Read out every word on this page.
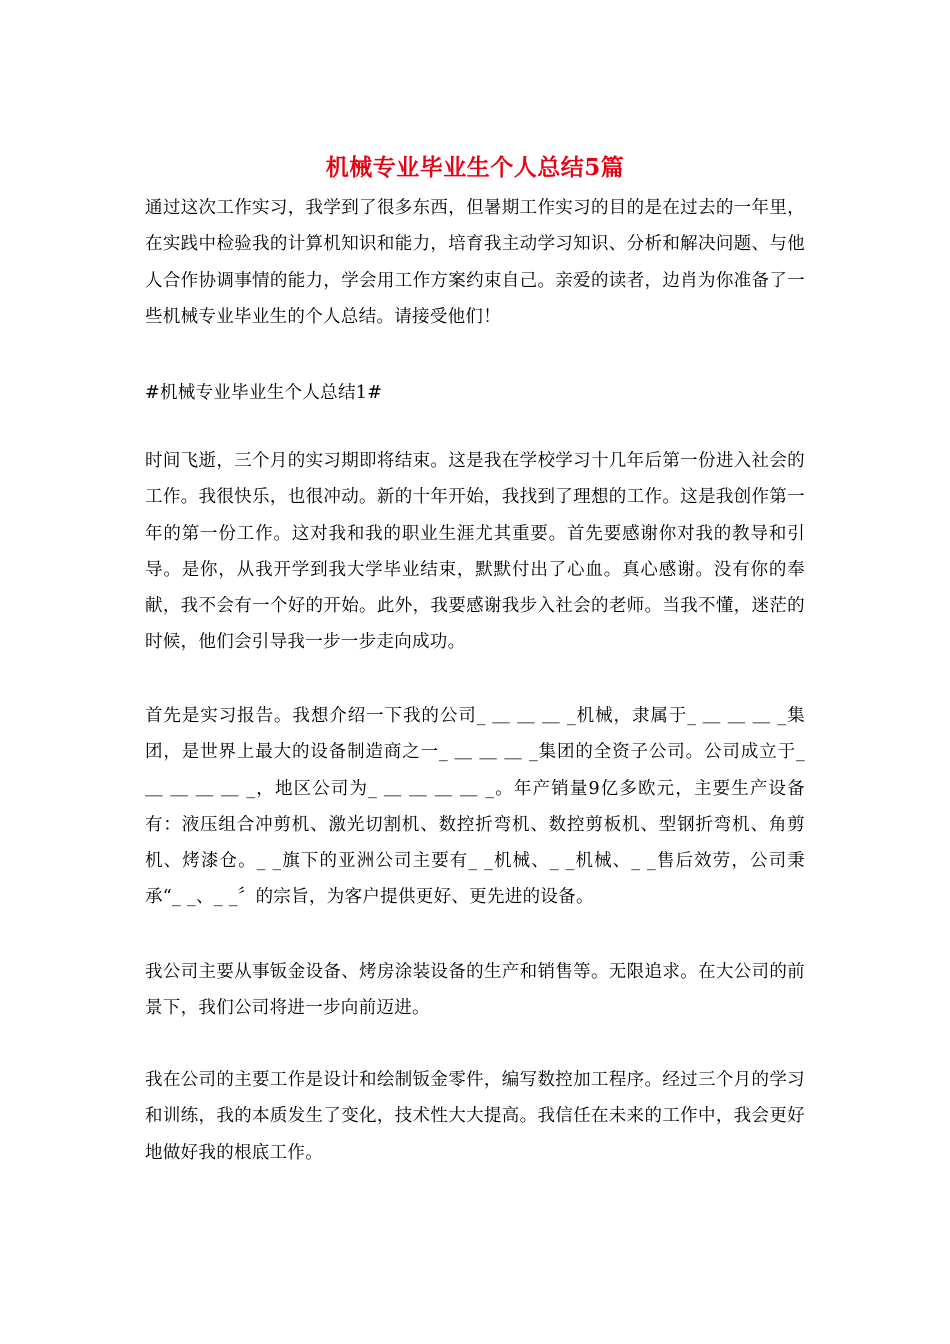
机械专业毕业生个人总结5篇

通过这次工作实习，我学到了很多东西，但暑期工作实习的目的是在过去的一年里，在实践中检验我的计算机知识和能力，培育我主动学习知识、分析和解决问题、与他人合作协调事情的能力，学会用工作方案约束自己。亲爱的读者，边肖为你准备了一些机械专业毕业生的个人总结。请接受他们！

#机械专业毕业生个人总结1#

时间飞逝，三个月的实习期即将结束。这是我在学校学习十几年后第一份进入社会的工作。我很快乐，也很冲动。新的十年开始，我找到了理想的工作。这是我创作第一年的第一份工作。这对我和我的职业生涯尤其重要。首先要感谢你对我的教导和引导。是你，从我开学到我大学毕业结束，默默付出了心血。真心感谢。没有你的奉献，我不会有一个好的开始。此外，我要感谢我步入社会的老师。当我不懂，迷茫的时候，他们会引导我一步一步走向成功。

首先是实习报告。我想介绍一下我的公司_ ＿ ＿ ＿ _机械，隶属于_ ＿ ＿ ＿ _集团，是世界上最大的设备制造商之一_ ＿ ＿ ＿ _集团的全资子公司。公司成立于_ ＿ ＿ ＿ ＿ _，地区公司为_ ＿ ＿ ＿ ＿ _。年产销量9亿多欧元，主要生产设备有：液压组合冲剪机、激光切割机、数控折弯机、数控剪板机、型钢折弯机、角剪机、烤漆仓。_ _旗下的亚洲公司主要有_ _机械、_ _机械、_ _售后效劳，公司秉承“_ _、_ _〞的宗旨，为客户提供更好、更先进的设备。

我公司主要从事钣金设备、烤房涂装设备的生产和销售等。无限追求。在大公司的前景下，我们公司将进一步向前迈进。

我在公司的主要工作是设计和绘制钣金零件，编写数控加工程序。经过三个月的学习和训练，我的本质发生了变化，技术性大大提高。我信任在未来的工作中，我会更好地做好我的根底工作。
